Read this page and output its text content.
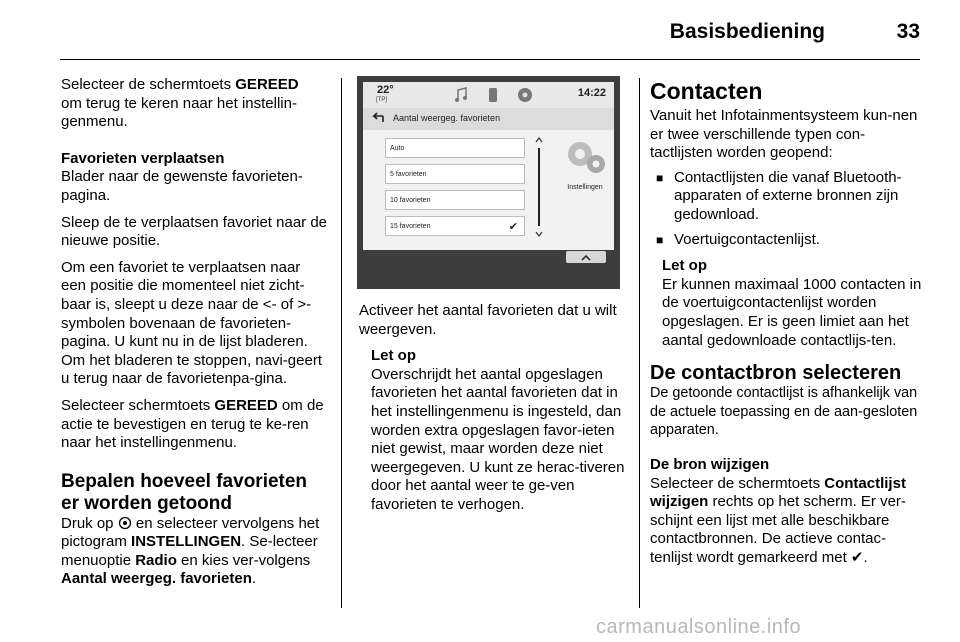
Basisbediening	33

Selecteer de schermtoets GEREED
om terug te keren naar het instellin-genmenu.

Favorieten verplaatsen

Blader naar de gewenste favorieten-pagina.

Sleep de te verplaatsen favoriet naar de nieuwe positie.

Om een favoriet te verplaatsen naar een positie die momenteel niet zicht-baar is, sleept u deze naar de <- of >-symbolen bovenaan de favorieten-pagina. U kunt nu in de lijst bladeren. Om het bladeren te stoppen, navi-geert u terug naar de favorietenpa-gina.

Selecteer schermtoets GEREED om de actie te bevestigen en terug te ke-ren naar het instellingenmenu.

Bepalen hoeveel favorieten er worden getoond

Druk op  en selecteer vervolgens het pictogram INSTELLINGEN. Se-lecteer menuoptie Radio en kies ver-volgens Aantal weergeg. favorieten.

22°
[TP]
14:22
Aantal weergeg. favorieten
Auto
5 favorieten
10 favorieten
15 favorieten	✔
Instellingen

Activeer het aantal favorieten dat u wilt weergeven.

Let op
Overschrijdt het aantal opgeslagen favorieten het aantal favorieten dat in het instellingenmenu is ingesteld, dan worden extra opgeslagen favor-ieten niet gewist, maar worden deze niet weergegeven. U kunt ze herac-tiveren door het aantal weer te ge-ven favorieten te verhogen.
Contacten

Vanuit het Infotainmentsysteem kun-nen er twee verschillende typen con-tactlijsten worden geopend:

■ Contactlijsten die vanaf Bluetooth-apparaten of externe bronnen zijn gedownload.
■ Voertuigcontactenlijst.
Let op
Er kunnen maximaal 1000 contacten in de voertuigcontactenlijst worden opgeslagen. Er is geen limiet aan het aantal gedownloade contactlijs-ten.
De contactbron selecteren

De getoonde contactlijst is afhankelijk van de actuele toepassing en de aan-gesloten apparaten.

De bron wijzigen

Selecteer de schermtoets Contactlijst wijzigen rechts op het scherm. Er ver-schijnt een lijst met alle beschikbare contactbronnen. De actieve contac-tenlijst wordt gemarkeerd met ✔.

carmanualsonline.info
